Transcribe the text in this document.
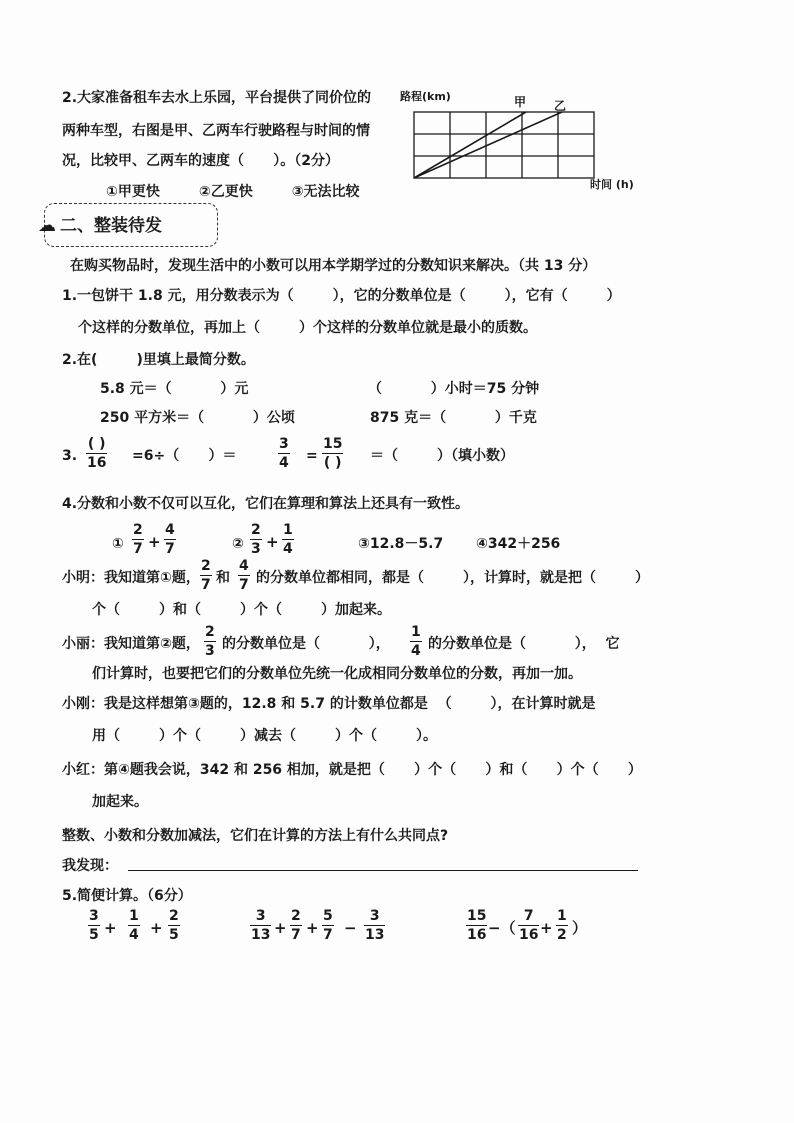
2.大家准备租车去水上乐园，平台提供了同价位的
两种车型，右图是甲、乙两车行驶路程与时间的情
况，比较甲、乙两车的速度（      ）。（2分）
①甲更快        ②乙更快        ③无法比较
路程(km)	甲 乙
时间 (h)
☁ 二、整装待发
在购买物品时，发现生活中的小数可以用本学期学过的分数知识来解决。（共 13 分）
1.一包饼干 1.8 元，用分数表示为（        ），它的分数单位是（        ），它有（        ）
个这样的分数单位，再加上（        ）个这样的分数单位就是最小的质数。
2.在(        )里填上最简分数。
5.8 元＝（          ）元	（          ）小时＝75 分钟
250 平方米＝（          ）公顷	875 克＝（          ）千克
3.
( )
16 =6÷（      ）＝
3
4 =
15
( ) ＝（        ）（填小数）
4.分数和小数不仅可以互化，它们在算理和算法上还具有一致性。
①
2
7 +
4
7	②
2
3 +
1
4	③12.8－5.7 ④342＋256
小明：我知道第①题，
2
7 和
4
7 的分数单位都相同，都是（        ），计算时，就是把（        ）
个（        ）和（        ）个（        ）加起来。
小丽：我知道第②题，
2
3 的分数单位是（          ），
1
4 的分数单位是（          ），  它
们计算时，也要把它们的分数单位先统一化成相同分数单位的分数，再加一加。
小刚：我是这样想第③题的，12.8 和 5.7 的计数单位都是  （        ），在计算时就是
用（        ）个（        ）减去（        ）个（        ）。
小红：第④题我会说，342 和 256 相加，就是把（      ）个（      ）和（      ）个（      ）
加起来。
整数、小数和分数加减法，它们在计算的方法上有什么共同点?
我发现：
5.简便计算。（6分）
3
5 +
1
4 +
2
5
3
13 +
2
7 +
5
7 −
3
13
15
16 −（
7
16 +
1
2 ）
